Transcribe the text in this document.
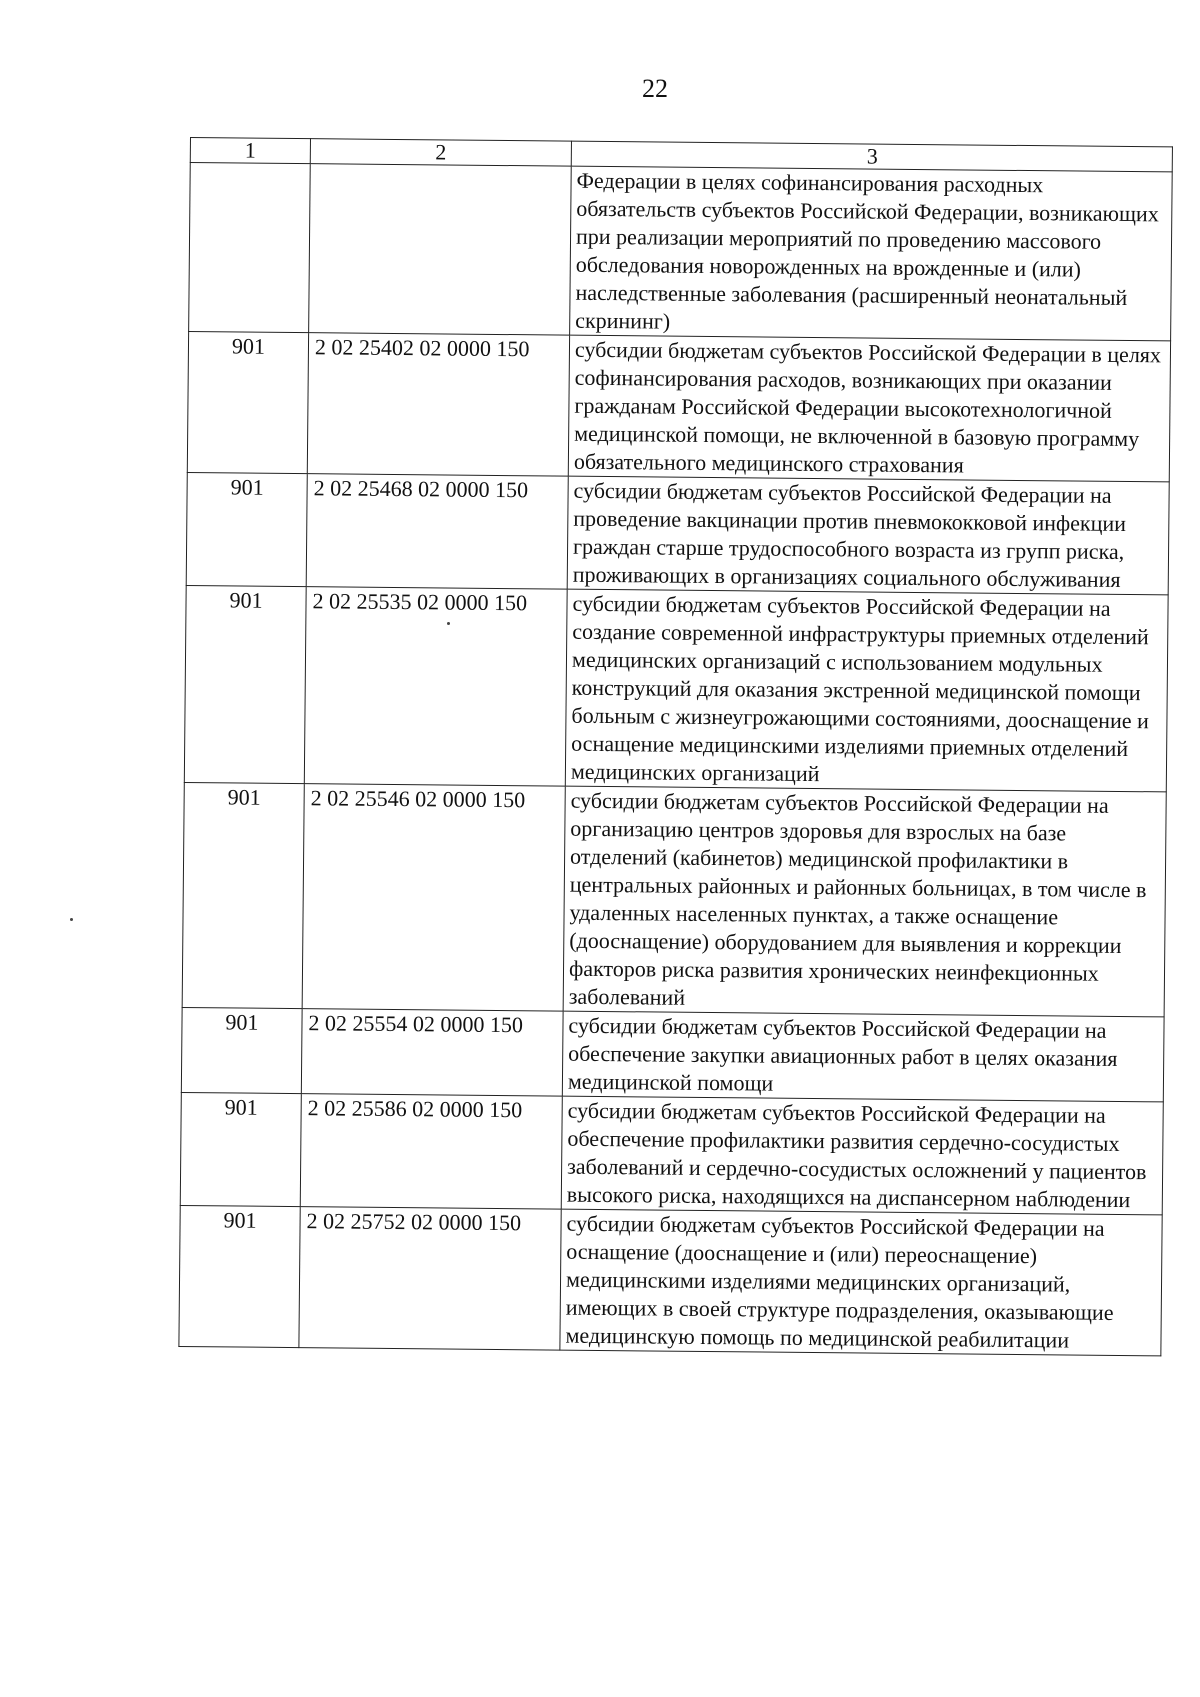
22
1	2	3
		Федерации в целях софинансирования расходных обязательств субъектов Российской Федерации, возникающих при реализации мероприятий по проведению массового обследования новорожденных на врожденные и (или) наследственные заболевания (расширенный неонатальный скрининг)
901	2 02 25402 02 0000 150	субсидии бюджетам субъектов Российской Федерации в целях софинансирования расходов, возникающих при оказании гражданам Российской Федерации высокотехнологичной медицинской помощи, не включенной в базовую программу обязательного медицинского страхования
901	2 02 25468 02 0000 150	субсидии бюджетам субъектов Российской Федерации на проведение вакцинации против пневмококковой инфекции граждан старше трудоспособного возраста из групп риска, проживающих в организациях социального обслуживания
901	2 02 25535 02 0000 150	субсидии бюджетам субъектов Российской Федерации на создание современной инфраструктуры приемных отделений медицинских организаций с использованием модульных конструкций для оказания экстренной медицинской помощи больным с жизнеугрожающими состояниями, дооснащение и оснащение медицинскими изделиями приемных отделений медицинских организаций
901	2 02 25546 02 0000 150	субсидии бюджетам субъектов Российской Федерации на организацию центров здоровья для взрослых на базе отделений (кабинетов) медицинской профилактики в центральных районных и районных больницах, в том числе в удаленных населенных пунктах, а также оснащение (дооснащение) оборудованием для выявления и коррекции факторов риска развития хронических неинфекционных заболеваний
901	2 02 25554 02 0000 150	субсидии бюджетам субъектов Российской Федерации на обеспечение закупки авиационных работ в целях оказания медицинской помощи
901	2 02 25586 02 0000 150	субсидии бюджетам субъектов Российской Федерации на обеспечение профилактики развития сердечно-сосудистых заболеваний и сердечно-сосудистых осложнений у пациентов высокого риска, находящихся на диспансерном наблюдении
901	2 02 25752 02 0000 150	субсидии бюджетам субъектов Российской Федерации на оснащение (дооснащение и (или) переоснащение) медицинскими изделиями медицинских организаций, имеющих в своей структуре подразделения, оказывающие медицинскую помощь по медицинской реабилитации
